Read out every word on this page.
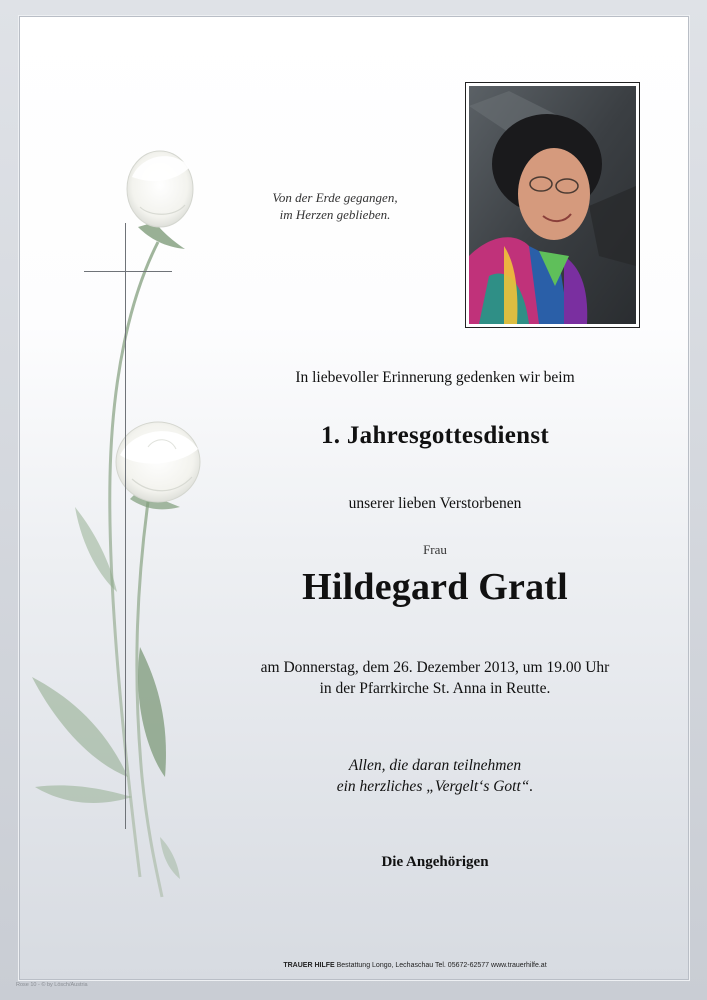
Von der Erde gegangen,
im Herzen geblieben.
In liebevoller Erinnerung gedenken wir beim
1. Jahresgottesdienst
unserer lieben Verstorbenen
Frau
Hildegard Gratl
am Donnerstag, dem 26. Dezember 2013, um 19.00 Uhr
in der Pfarrkirche St. Anna in Reutte.
Allen, die daran teilnehmen
ein herzliches „Vergelt‘s Gott“.
Die Angehörigen
TRAUER HILFE Bestattung Longo, Lechaschau Tel. 05672-62577 www.trauerhilfe.at
Rose 10 - © by Lösch/Austria
